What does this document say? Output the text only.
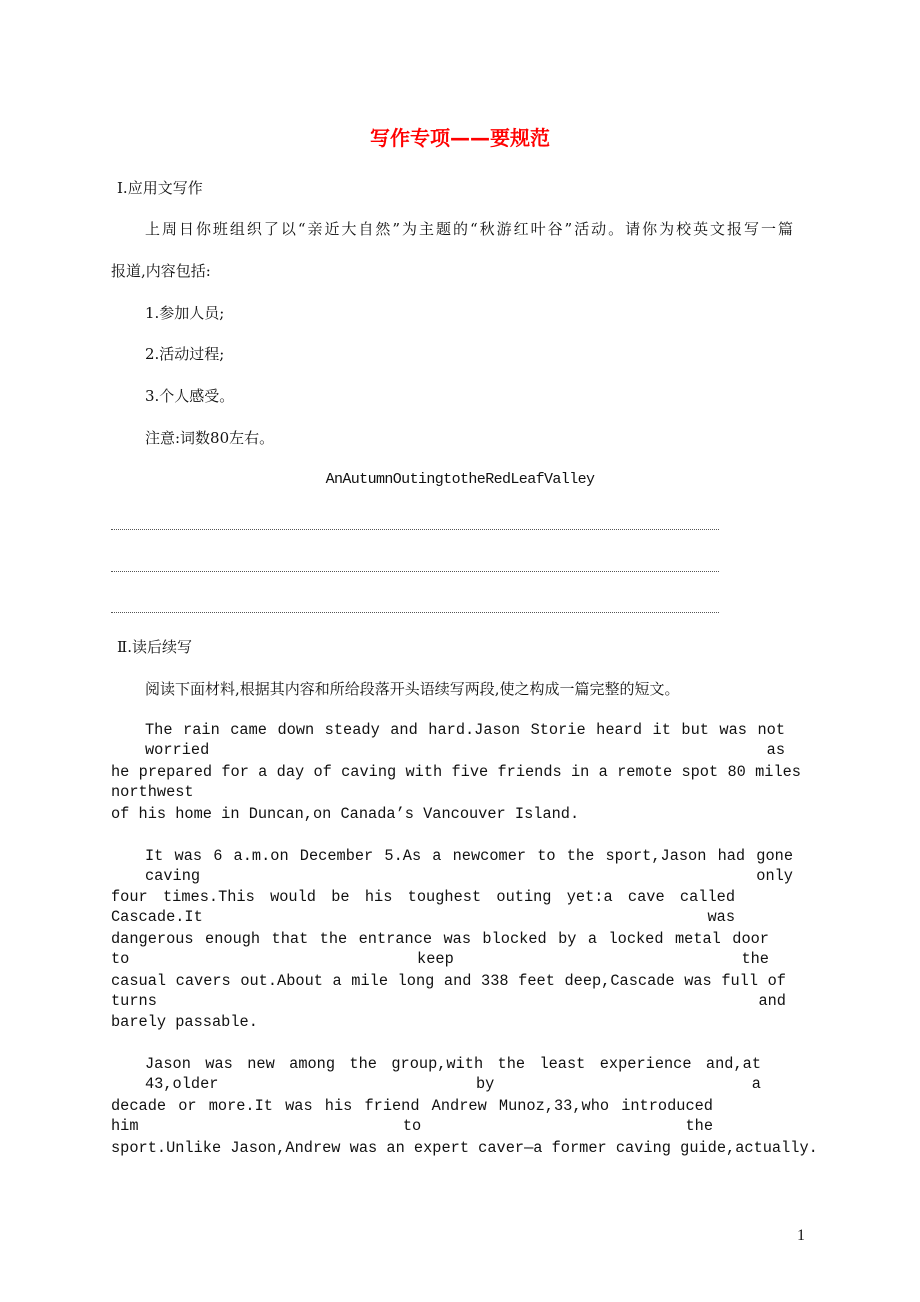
写作专项——要规范
Ⅰ.应用文写作
上周日你班组织了以“亲近大自然”为主题的“秋游红叶谷”活动。请你为校英文报写一篇
报道,内容包括:
1.参加人员;
2.活动过程;
3.个人感受。
注意:词数80左右。
AnAutumnOutingtotheRedLeafValley
Ⅱ.读后续写
阅读下面材料,根据其内容和所给段落开头语续写两段,使之构成一篇完整的短文。
The rain came down steady and hard.Jason Storie heard it but was not worried as
he prepared for a day of caving with five friends in a remote spot 80 miles northwest
of his home in Duncan,on Canada’s Vancouver Island.
It was 6 a.m.on December 5.As a newcomer to the sport,Jason had gone caving only
four times.This would be his toughest outing yet:a cave called Cascade.It was
dangerous enough that the entrance was blocked by a locked metal door to keep the
casual cavers out.About a mile long and 338 feet deep,Cascade was full of turns and
barely passable.
Jason was new among the group,with the least experience and,at 43,older by a
decade or more.It was his friend Andrew Munoz,33,who introduced him to the
sport.Unlike Jason,Andrew was an expert caver—a former caving guide,actually.
1
